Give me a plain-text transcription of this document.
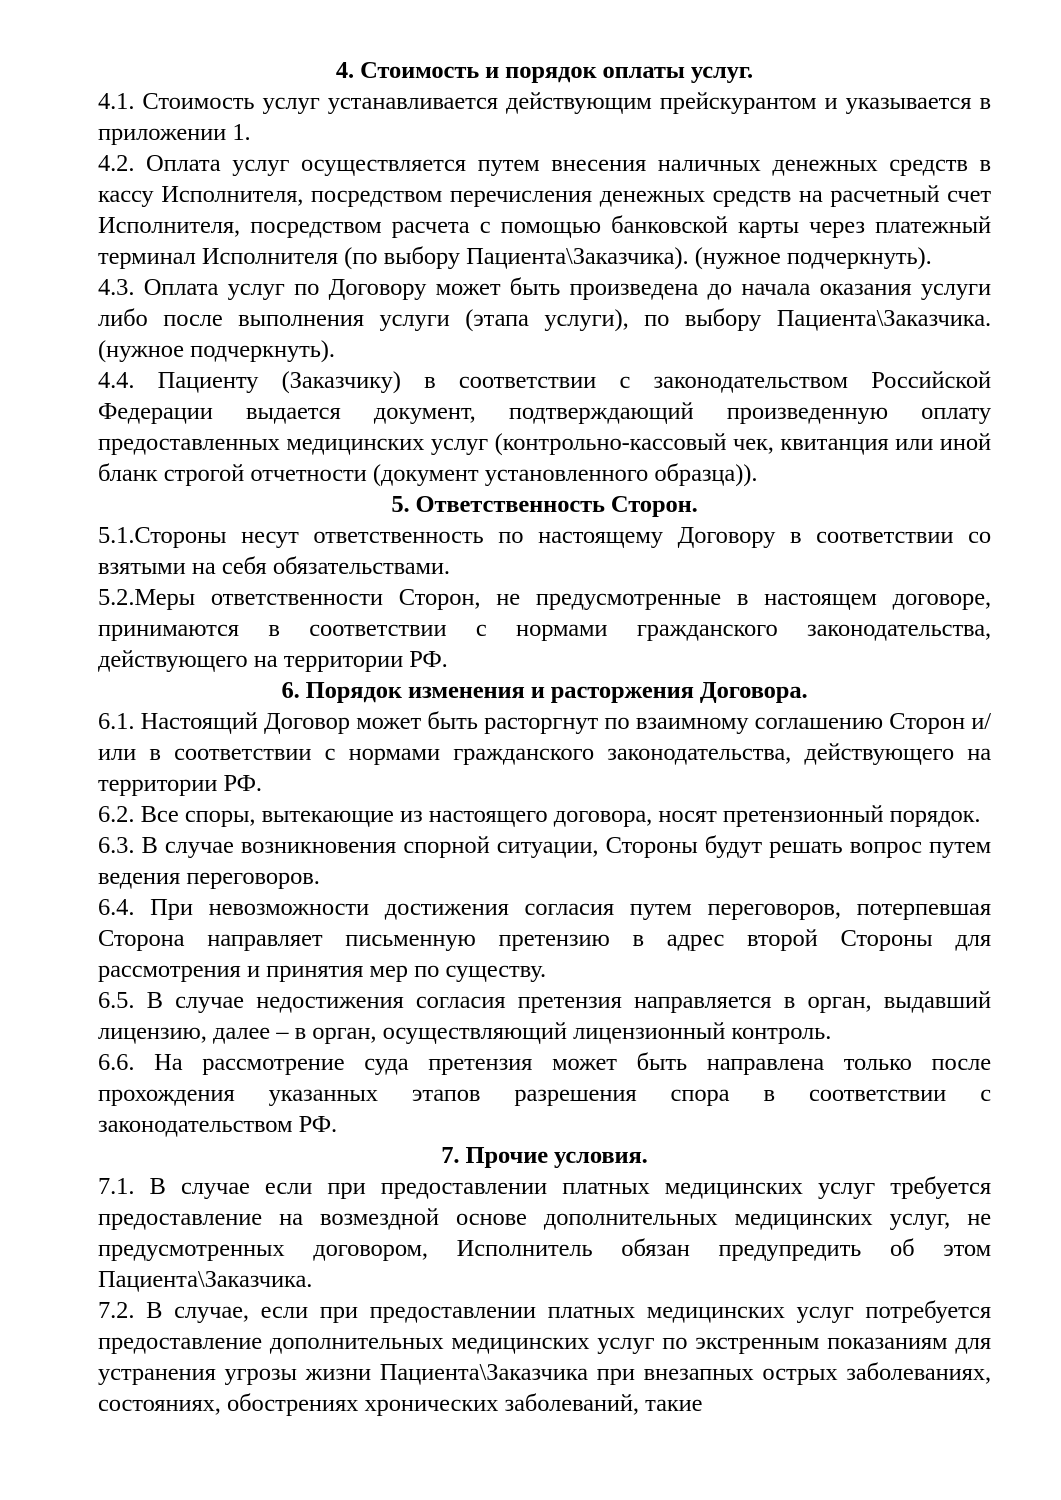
4. Стоимость и порядок оплаты услуг.

4.1. Стоимость услуг устанавливается действующим прейскурантом и указывается в приложении 1.

4.2. Оплата услуг осуществляется путем внесения наличных денежных средств в кассу Исполнителя, посредством перечисления денежных средств на расчетный счет Исполнителя, посредством расчета с помощью банковской карты через платежный терминал Исполнителя (по выбору Пациента\Заказчика). (нужное подчеркнуть).

4.3. Оплата услуг по Договору может быть произведена до начала оказания услуги либо после выполнения услуги (этапа услуги), по выбору Пациента\Заказчика. (нужное подчеркнуть).

4.4. Пациенту (Заказчику) в соответствии с законодательством Российской Федерации выдается документ, подтверждающий произведенную оплату предоставленных медицинских услуг (контрольно-кассовый чек, квитанция или иной бланк строгой отчетности (документ установленного образца)).

5. Ответственность Сторон.

5.1.Стороны несут ответственность по настоящему Договору в соответствии со взятыми на себя обязательствами.

5.2.Меры ответственности Сторон, не предусмотренные в настоящем договоре, принимаются в соответствии с нормами гражданского законодательства, действующего на территории РФ.

6. Порядок изменения и расторжения Договора.

6.1. Настоящий Договор может быть расторгнут по взаимному соглашению Сторон и/или в соответствии с нормами гражданского законодательства, действующего на территории РФ.

6.2. Все споры, вытекающие из настоящего договора, носят претензионный порядок.

6.3. В случае возникновения спорной ситуации, Стороны будут решать вопрос путем ведения переговоров.

6.4. При невозможности достижения согласия путем переговоров, потерпевшая Сторона направляет письменную претензию в адрес второй Стороны для рассмотрения и принятия мер по существу.

6.5. В случае недостижения согласия претензия направляется в орган, выдавший лицензию, далее – в орган, осуществляющий лицензионный контроль.

6.6. На рассмотрение суда претензия может быть направлена только после прохождения указанных этапов разрешения спора в соответствии с законодательством РФ.

7. Прочие условия.

7.1. В случае если при предоставлении платных медицинских услуг требуется предоставление на возмездной основе дополнительных медицинских услуг, не предусмотренных договором, Исполнитель обязан предупредить об этом Пациента\Заказчика.

7.2. В случае, если при предоставлении платных медицинских услуг потребуется предоставление дополнительных медицинских услуг по экстренным показаниям для устранения угрозы жизни Пациента\Заказчика при внезапных острых заболеваниях, состояниях, обострениях хронических заболеваний, такие
